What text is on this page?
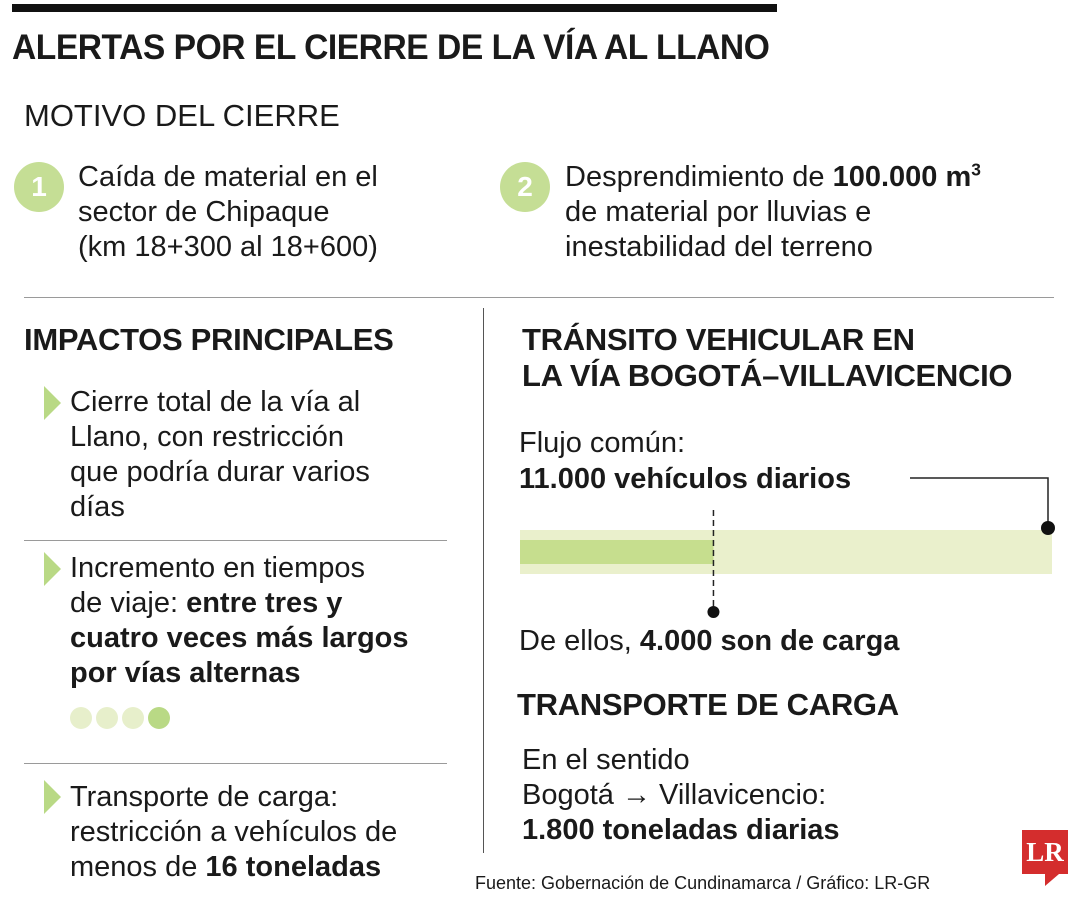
ALERTAS POR EL CIERRE DE LA VÍA AL LLANO
MOTIVO DEL CIERRE
1	Caída de material en el
sector de Chipaque
(km 18+300 al 18+600)
2	Desprendimiento de 100.000 $m^3$
de material por lluvias e
inestabilidad del terreno
IMPACTOS PRINCIPALES
Cierre total de la vía al
Llano, con restricción
que podría durar varios
días
Incremento en tiempos
de viaje: entre tres y
cuatro veces más largos
por vías alternas
Transporte de carga:
restricción a vehículos de
menos de 16 toneladas
TRÁNSITO VEHICULAR EN
LA VÍA BOGOTÁ–VILLAVICENCIO
Flujo común:
11.000 vehículos diarios
De ellos, 4.000 son de carga
TRANSPORTE DE CARGA
En el sentido
Bogotá → Villavicencio:
1.800 toneladas diarias
Fuente: Gobernación de Cundinamarca / Gráfico: LR-GR
LR
